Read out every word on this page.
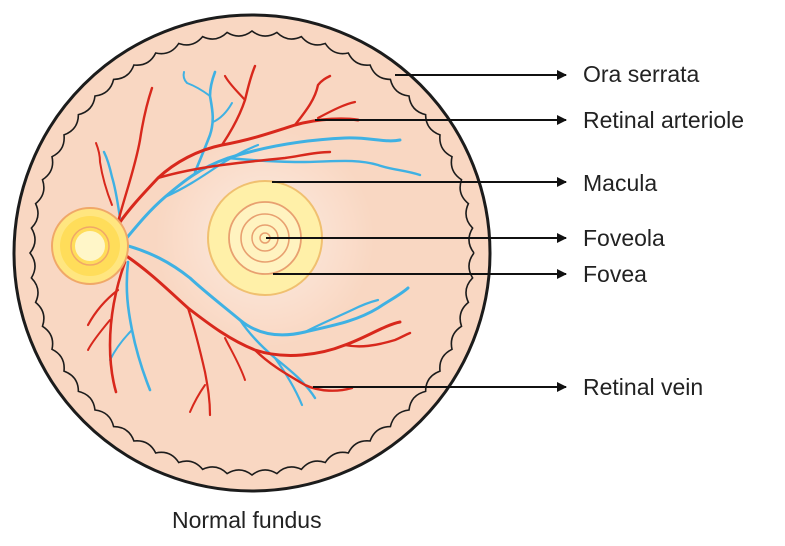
Ora serrata
Retinal arteriole
Macula
Foveola
Fovea
Retinal vein
Normal fundus
